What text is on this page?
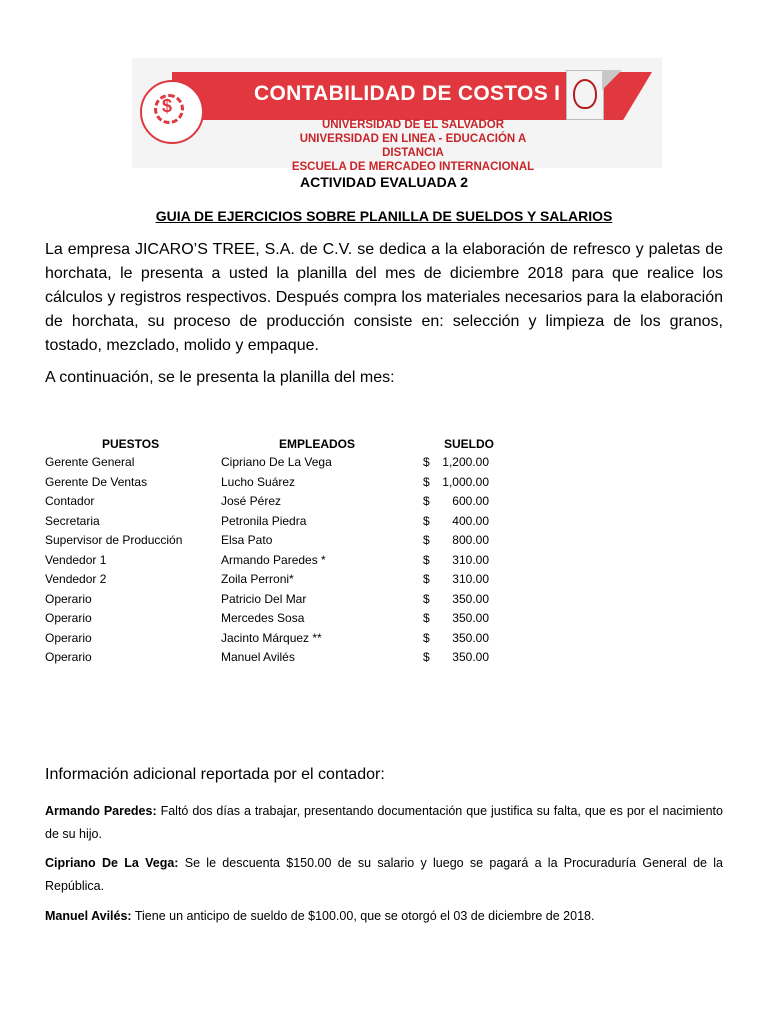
$
CONTABILIDAD DE COSTOS I
UNIVERSIDAD DE EL SALVADOR
UNIVERSIDAD EN LINEA - EDUCACIÓN A DISTANCIA
ESCUELA DE MERCADEO INTERNACIONAL
ACTIVIDAD EVALUADA 2
GUIA DE EJERCICIOS SOBRE PLANILLA DE SUELDOS Y SALARIOS
La empresa JICARO’S TREE, S.A. de C.V. se dedica a la elaboración de refresco y paletas de horchata, le presenta a usted la planilla del mes de diciembre 2018 para que realice los cálculos y registros respectivos. Después compra los materiales necesarios para la elaboración de horchata, su proceso de producción consiste en: selección y limpieza de los granos, tostado, mezclado, molido y empaque.
A continuación, se le presenta la planilla del mes:
PUESTOS	EMPLEADOS	SUELDO
Gerente General	Cipriano De La Vega	$	1,200.00
Gerente De Ventas	Lucho Suárez	$	1,000.00
Contador	José Pérez	$	600.00
Secretaria	Petronila Piedra	$	400.00
Supervisor de Producción	Elsa Pato	$	800.00
Vendedor 1	Armando Paredes *	$	310.00
Vendedor 2	Zoila Perroni*	$	310.00
Operario	Patricio Del Mar	$	350.00
Operario	Mercedes Sosa	$	350.00
Operario	Jacinto Márquez **	$	350.00
Operario	Manuel Avilés	$	350.00
Información adicional reportada por el contador:
Armando Paredes: Faltó dos días a trabajar, presentando documentación que justifica su falta, que es por el nacimiento de su hijo.
Cipriano De La Vega: Se le descuenta $150.00 de su salario y luego se pagará a la Procuraduría General de la República.
Manuel Avilés: Tiene un anticipo de sueldo de $100.00, que se otorgó el 03 de diciembre de 2018.
